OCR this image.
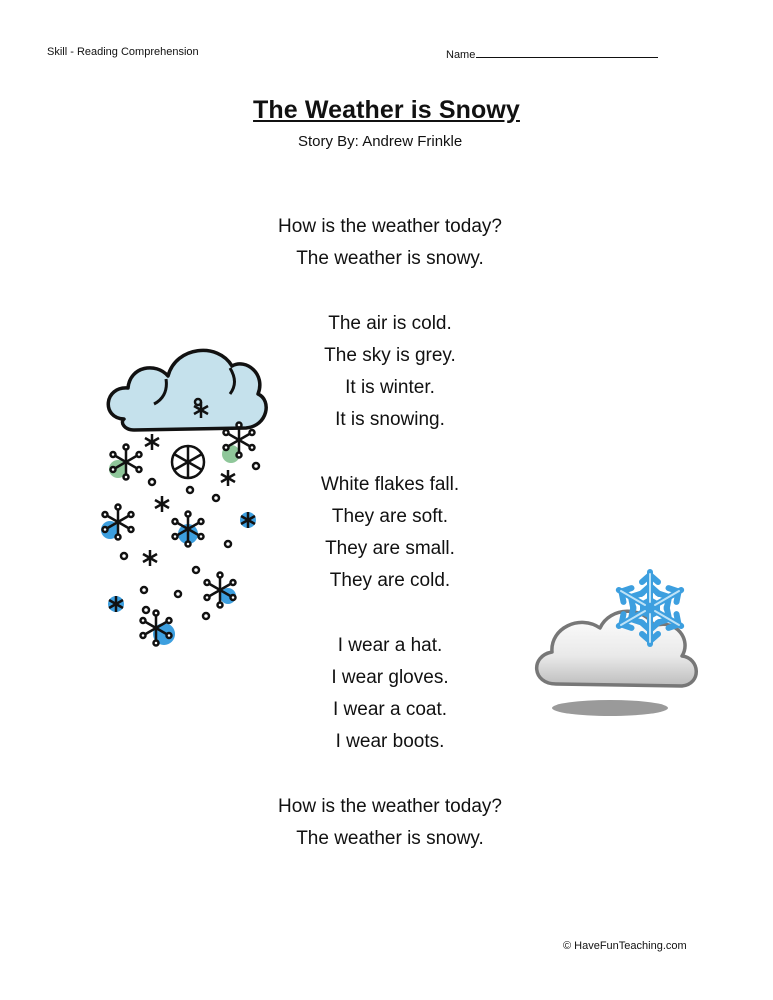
Skill - Reading Comprehension	Name
The Weather is Snowy
Story By: Andrew Frinkle
How is the weather today?
The weather is snowy.
The air is cold.
The sky is grey.
It is winter.
It is snowing.
White flakes fall.
They are soft.
They are small.
They are cold.
I wear a hat.
I wear gloves.
I wear a coat.
I wear boots.
How is the weather today?
The weather is snowy.
© HaveFunTeaching.com
